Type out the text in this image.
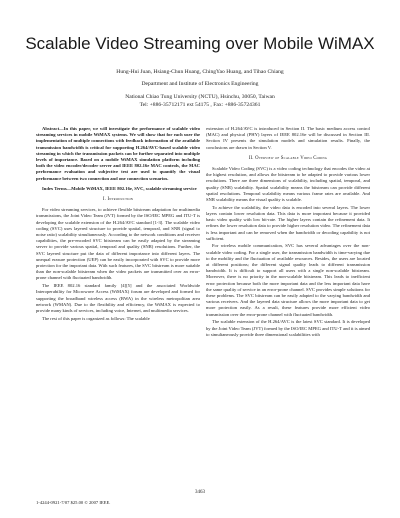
Scalable Video Streaming over Mobile WiMAX
Hung-Hui Juan, Hsiang-Chun Huang, ChingYao Huang, and Tihao Chiang
Department and Institute of Electronics Engineering
National Chiao Tung University (NCTU), Hsinchu, 30050, Taiwan
Tel: +886-35712171 ext 54175 , Fax: +886-35724361

Abstract—In this paper, we will investigate the performance of scalable video streaming services in mobile WiMAX systems. We will show that for each user the implementation of multiple connections with feedback information of the available transmission bandwidth is critical for supporting H.264/AVC-based scalable video streaming in which the transmission packets can be further separated into multiple levels of importance. Based on a mobile WiMAX simulation platform including both the video encoder/decoder server and IEEE 802.16e MAC controls, the MAC performance evaluation and subjective test are used to quantify the visual performance between two connection and one connection scenarios.

Index Terms—Mobile WiMAX, IEEE 802.16e, SVC, scalable streaming service

I. Introduction

For video streaming services, to achieve flexible bitstream adaptation for multimedia transmissions, the Joint Video Team (JVT) formed by the ISO/IEC MPEG and ITU-T is developing the scalable extension of the H.264/AVC standard [1-3]. The scalable video coding (SVC) uses layered structure to provide spatial, temporal, and SNR (signal to noise ratio) scalability simultaneously. According to the network conditions and receiver capabilities, the pre-encoded SVC bitstream can be easily adapted by the streaming server to provide various spatial, temporal and quality (SNR) resolutions. Further, the SVC layered structure put the data of different importance into different layers. The unequal erasure protection (UEP) can be easily incorporated with SVC to provide more protection for the important data. With such features, the SVC bitstream is more suitable than the non-scalable bitstream when the video packets are transmitted over an error-prone channel with fluctuated bandwidth.

The IEEE 802.16 standard family [4][5] and the associated Worldwide Interoperability for Microwave Access (WiMAX) forum are developed and formed for supporting the broadband wireless access (BWA) in the wireless metropolitan area network (WMAN). Due to the flexibility and efficiency, the WiMAX is expected to provide many kinds of services, including voice, Internet, and multimedia services.

The rest of this paper is organized as follows: The scalable

extension of H.264/AVC is introduced in Section II. The basic medium access control (MAC) and physical (PHY) layers of IEEE 802.16e will be discussed in Section III. Section IV presents the simulation models and simulation results. Finally, the conclusions are drawn in Section V.

II. Overview of Scalable Video Coding

Scalable Video Coding (SVC) is a video coding technology that encodes the video at the highest resolution, and allows the bitstream to be adapted to provide various lower resolutions. There are three dimensions of scalability, including spatial, temporal, and quality (SNR) scalability. Spatial scalability means the bitstream can provide different spatial resolutions. Temporal scalability means various frame rates are available. And SNR scalability means the visual quality is scalable.

To achieve the scalability, the video data is encoded into several layers. The lower layers contain lower resolution data. This data is more important because it provided basic video quality with low bit-rate. The higher layers contain the refinement data. It refines the lower resolution data to provide higher resolution video. The refinement data is less important and can be removed when the bandwidth or decoding capability is not sufficient.

For wireless mobile communication, SVC has several advantages over the non-scalable video coding. For a single user, the transmission bandwidth is time-varying due to the mobility and the fluctuation of available resources. Besides, the users are located at different positions; the different signal quality leads to different transmission bandwidth. It is difficult to support all users with a single non-scalable bitstream. Moreover, there is no priority in the non-scalable bitstream. This leads to inefficient error protection because both the more important data and the less important data have the same quality of service in an error-prone channel. SVC provides simple solutions for these problems. The SVC bitstream can be easily adapted to the varying bandwidth and various receivers. And the layered data structure allows the more important data to get more protection easily. As a result, these features provide more efficient video transmission over the error-prone channel with fluctuated bandwidth.

The scalable extension of the H.264/AVC is the latest SVC standard. It is developed by the Joint Video Team (JVT) formed by the ISO/IEC MPEG and ITU-T and it is aimed to simultaneously provide three dimensional scalabilities with

3463
1-4244-0921-7/07 $25.00 © 2007 IEEE.
